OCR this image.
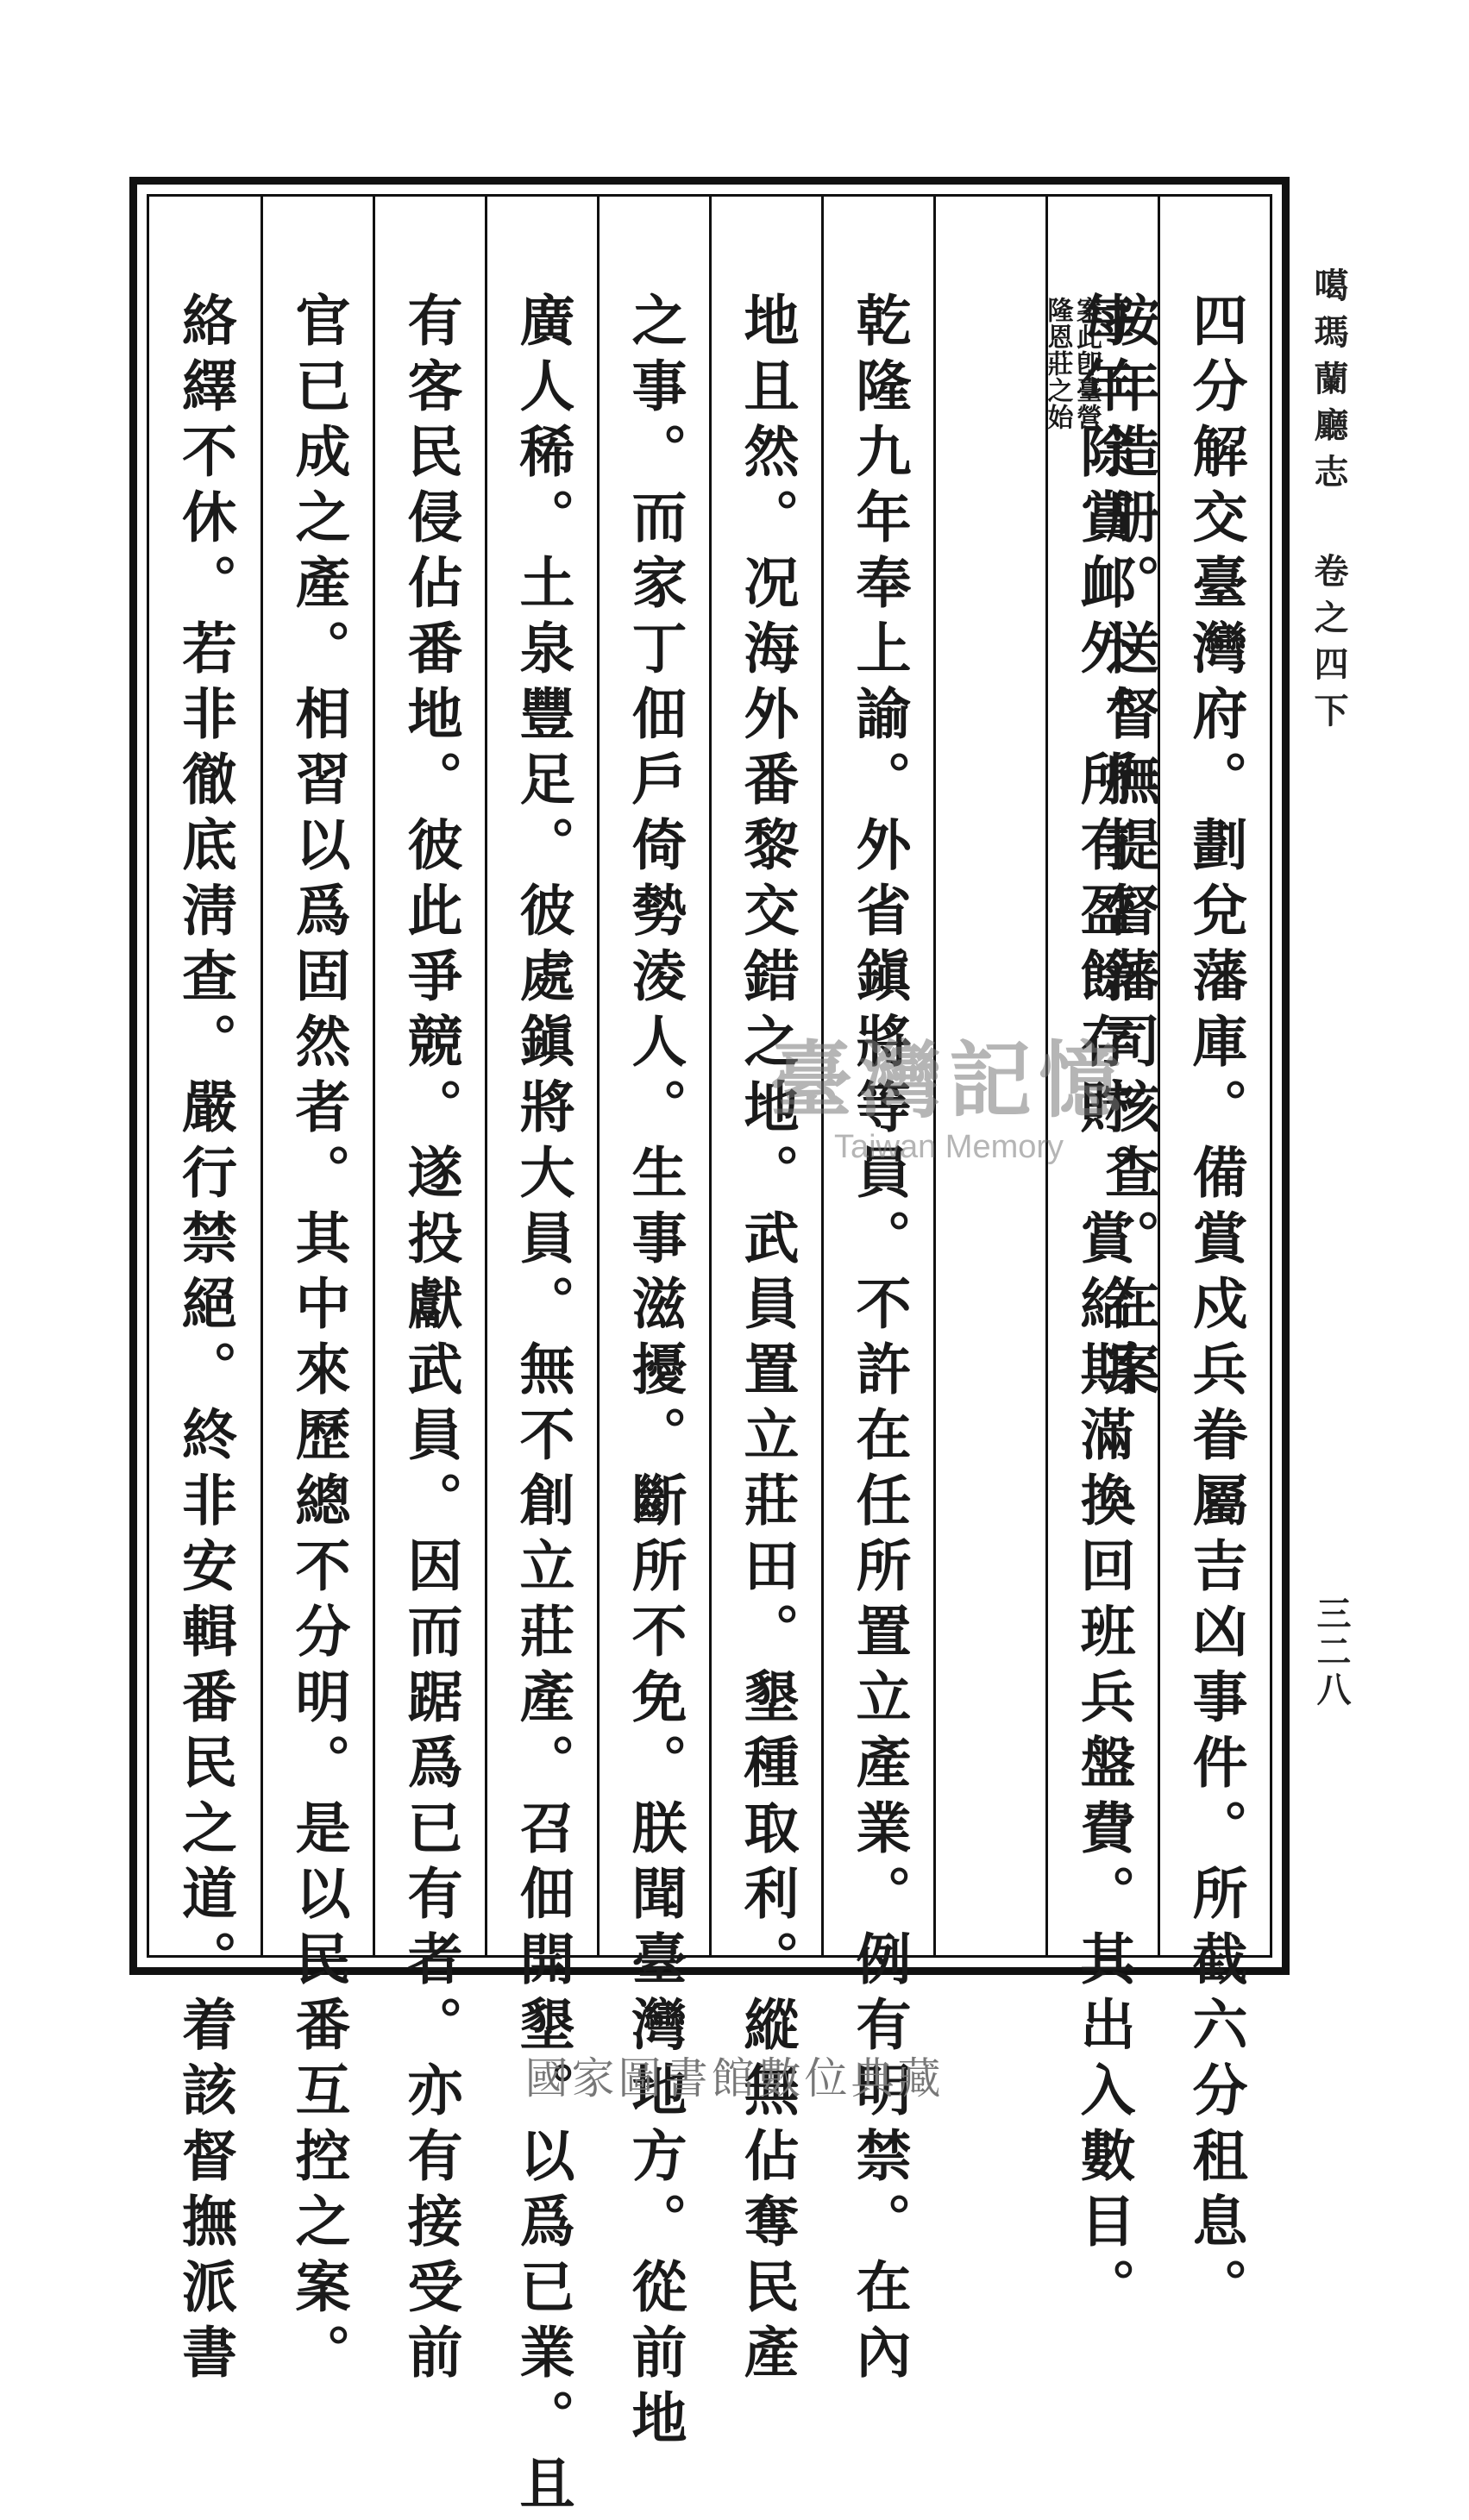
四分解交臺灣府。劃兌藩庫。備賞戍兵眷屬吉凶事件。所截六分租息。
每年除賞䘏外。所有盈餘存貯。賞給期滿換回班兵盤費。其出入數目。
按年造册。送督撫提督藩司核查。在案
案此卽臺營
隆恩莊之始
乾隆九年奉上諭。外省鎭將等員。不許在任所置立產業。例有明禁。在內
地且然。况海外番黎交錯之地。武員置立莊田。墾種取利。縱無佔奪民產
之事。而家丁佃戶倚勢淩人。生事滋擾。斷所不免。朕聞臺灣地方。從前地
廣人稀。土泉豐足。彼處鎭將大員。無不創立莊產。召佃開墾。以爲已業。且
有客民侵佔番地。彼此爭競。遂投獻武員。因而踞爲已有者。亦有接受前
官已成之產。相習以爲固然者。其中來歷總不分明。是以民番互控之案。
絡繹不休。若非徹底淸查。嚴行禁絕。終非安輯番民之道。着該督撫派書	噶瑪蘭廳志 卷之四下
三二八
臺灣記憶
Taiwan Memory
國家圖書館數位典藏
